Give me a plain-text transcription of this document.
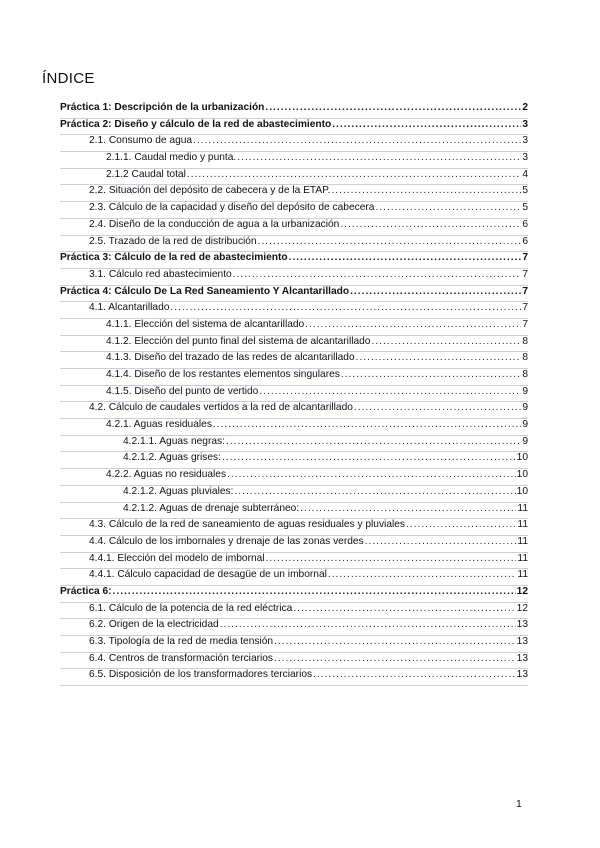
ÍNDICE
Práctica 1: Descripción de la urbanización .....	2
Práctica 2: Diseño y cálculo de la red de abastecimiento .....	3
2.1. Consumo de agua .....	3
2.1.1. Caudal medio y punta. .....	3
2.1.2 Caudal total .....	4
2.2. Situación del depósito de cabecera y de la ETAP. .....	5
2.3. Cálculo de la capacidad y diseño del depósito de cabecera .....	5
2.4. Diseño de la conducción de agua a la urbanización .....	6
2.5. Trazado de la red de distribución .....	6
Práctica 3: Cálculo de la red de abastecimiento .....	7
3.1. Cálculo red abastecimiento .....	7
Práctica 4: Cálculo De La Red Saneamiento Y Alcantarillado .....	7
4.1. Alcantarillado .....	7
4.1.1. Elección del sistema de alcantarillado .....	7
4.1.2. Elección del punto final del sistema de alcantarillado .....	8
4.1.3. Diseño del trazado de las redes de alcantarillado .....	8
4.1.4. Diseño de los restantes elementos singulares .....	8
4.1.5. Diseño del punto de vertido .....	9
4.2. Cálculo de caudales vertidos a la red de alcantarillado .....	9
4.2.1. Aguas residuales .....	9
4.2.1.1. Aguas negras: .....	9
4.2.1.2. Aguas grises: .....	10
4.2.2. Aguas no residuales .....	10
4.2.1.2. Aguas pluviales: .....	10
4.2.1.2. Aguas de drenaje subterráneo: .....	11
4.3. Cálculo de la red de saneamiento de aguas residuales y pluviales .....	11
4.4. Cálculo de los imbornales y drenaje de las zonas verdes .....	11
4.4.1. Elección del modelo de imbornal .....	11
4.4.1. Cálculo capacidad de desagüe de un imbornal .....	11
Práctica 6: .....	12
6.1. Cálculo de la potencia de la red eléctrica .....	12
6.2. Origen de la electricidad .....	13
6.3. Tipología de la red de media tensión .....	13
6.4. Centros de transformación terciarios .....	13
6.5. Disposición de los transformadores terciarios .....	13
1
